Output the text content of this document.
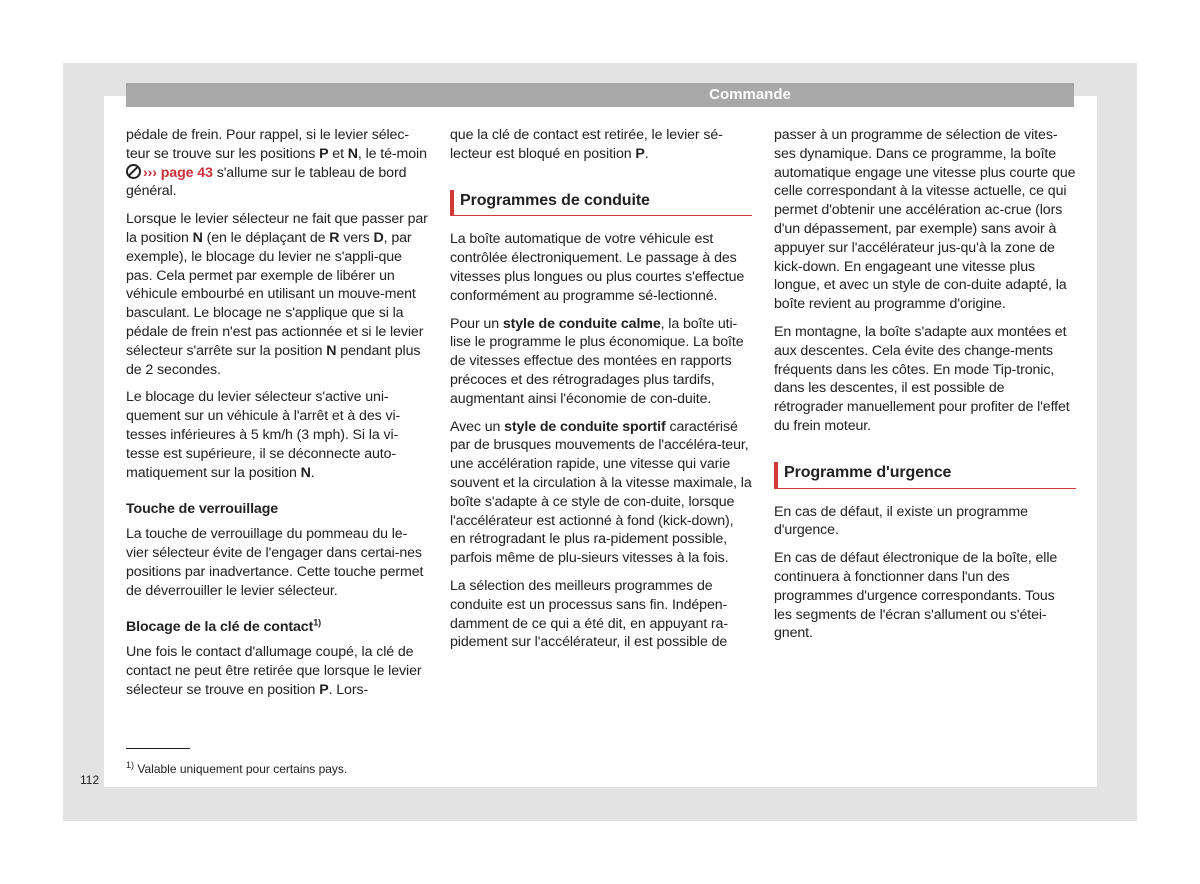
Commande

pédale de frein. Pour rappel, si le levier sélec-teur se trouve sur les positions P et N, le té-moin ››› page 43 s'allume sur le tableau de bord général.

Lorsque le levier sélecteur ne fait que passer par la position N (en le déplaçant de R vers D, par exemple), le blocage du levier ne s'appli-que pas. Cela permet par exemple de libérer un véhicule embourbé en utilisant un mouve-ment basculant. Le blocage ne s'applique que si la pédale de frein n'est pas actionnée et si le levier sélecteur s'arrête sur la position N pendant plus de 2 secondes.

Le blocage du levier sélecteur s'active uni-quement sur un véhicule à l'arrêt et à des vi-tesses inférieures à 5 km/h (3 mph). Si la vi-tesse est supérieure, il se déconnecte auto-matiquement sur la position N.

Touche de verrouillage

La touche de verrouillage du pommeau du le-vier sélecteur évite de l'engager dans certai-nes positions par inadvertance. Cette touche permet de déverrouiller le levier sélecteur.

Blocage de la clé de contact$^{1)}$

Une fois le contact d'allumage coupé, la clé de contact ne peut être retirée que lorsque le levier sélecteur se trouve en position P. Lors-

que la clé de contact est retirée, le levier sé-lecteur est bloqué en position P.

Programmes de conduite

La boîte automatique de votre véhicule est contrôlée électroniquement. Le passage à des vitesses plus longues ou plus courtes s'effectue conformément au programme sé-lectionné.

Pour un style de conduite calme, la boîte uti-lise le programme le plus économique. La boîte de vitesses effectue des montées en rapports précoces et des rétrogradages plus tardifs, augmentant ainsi l'économie de con-duite.

Avec un style de conduite sportif caractérisé par de brusques mouvements de l'accéléra-teur, une accélération rapide, une vitesse qui varie souvent et la circulation à la vitesse maximale, la boîte s'adapte à ce style de con-duite, lorsque l'accélérateur est actionné à fond (kick-down), en rétrogradant le plus ra-pidement possible, parfois même de plu-sieurs vitesses à la fois.

La sélection des meilleurs programmes de conduite est un processus sans fin. Indépen-damment de ce qui a été dit, en appuyant ra-pidement sur l'accélérateur, il est possible de

passer à un programme de sélection de vites-ses dynamique. Dans ce programme, la boîte automatique engage une vitesse plus courte que celle correspondant à la vitesse actuelle, ce qui permet d'obtenir une accélération ac-crue (lors d'un dépassement, par exemple) sans avoir à appuyer sur l'accélérateur jus-qu'à la zone de kick-down. En engageant une vitesse plus longue, et avec un style de con-duite adapté, la boîte revient au programme d'origine.

En montagne, la boîte s'adapte aux montées et aux descentes. Cela évite des change-ments fréquents dans les côtes. En mode Tip-tronic, dans les descentes, il est possible de rétrograder manuellement pour profiter de l'effet du frein moteur.

Programme d'urgence

En cas de défaut, il existe un programme d'urgence.

En cas de défaut électronique de la boîte, elle continuera à fonctionner dans l'un des programmes d'urgence correspondants. Tous les segments de l'écran s'allument ou s'étei-gnent.

$^{1)}$ Valable uniquement pour certains pays.
112
